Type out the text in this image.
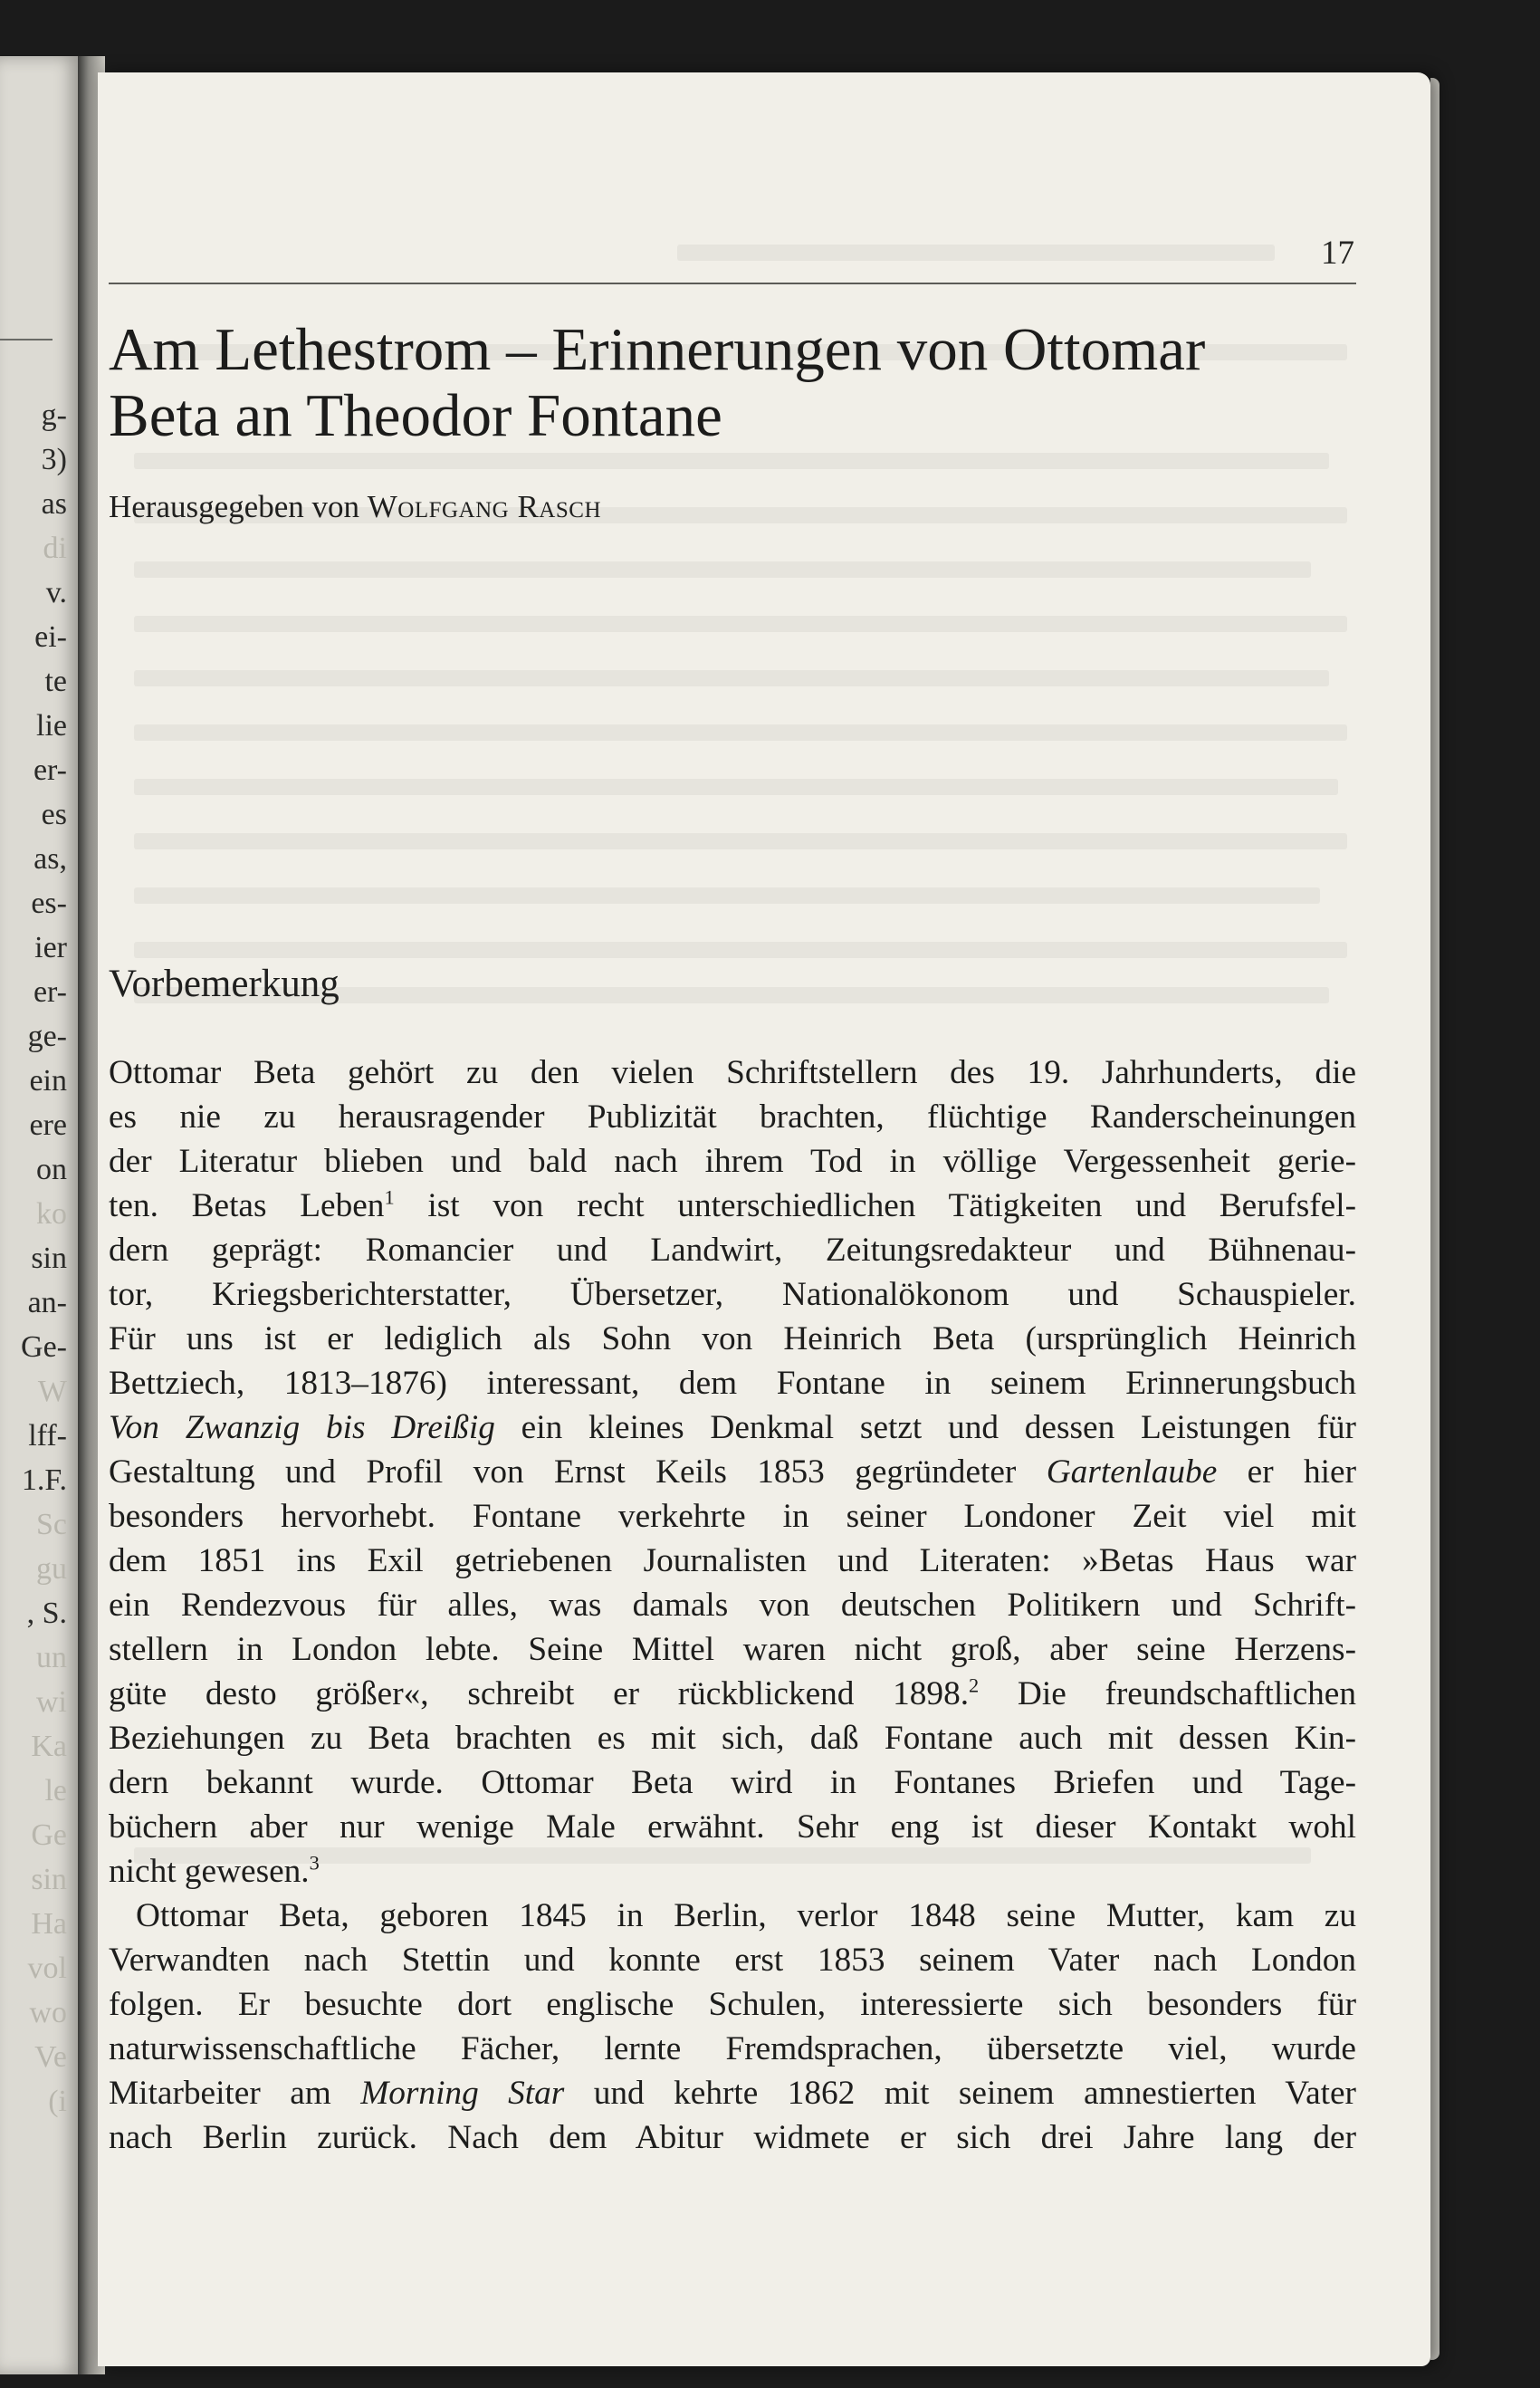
g-
3)
as
di
v.
ei-
te
lie
er-
es
as,
es-
ier
er-
ge-
ein
ere
on
ko
sin
an-
Ge-
W
lff-
1.F.
Sc
gu
, S.
un
wi
Ka
le
Ge
sin
Ha
vol
wo
Ve
(i
17
Am Lethestrom – Erinnerungen von Ottomar
Beta an Theodor Fontane
Herausgegeben von Wolfgang Rasch
Vorbemerkung
Ottomar Beta gehört zu den vielen Schriftstellern des 19. Jahrhunderts, die
es nie zu herausragender Publizität brachten, flüchtige Randerscheinungen
der Literatur blieben und bald nach ihrem Tod in völlige Vergessenheit gerie-
ten. Betas Leben$^1$ ist von recht unterschiedlichen Tätigkeiten und Berufsfel-
dern geprägt: Romancier und Landwirt, Zeitungsredakteur und Bühnenau-
tor, Kriegsberichterstatter, Übersetzer, Nationalökonom und Schauspieler.
Für uns ist er lediglich als Sohn von Heinrich Beta (ursprünglich Heinrich
Bettziech, 1813–1876) interessant, dem Fontane in seinem Erinnerungsbuch
Von Zwanzig bis Dreißig ein kleines Denkmal setzt und dessen Leistungen für
Gestaltung und Profil von Ernst Keils 1853 gegründeter Gartenlaube er hier
besonders hervorhebt. Fontane verkehrte in seiner Londoner Zeit viel mit
dem 1851 ins Exil getriebenen Journalisten und Literaten: »Betas Haus war
ein Rendezvous für alles, was damals von deutschen Politikern und Schrift-
stellern in London lebte. Seine Mittel waren nicht groß, aber seine Herzens-
güte desto größer«, schreibt er rückblickend 1898.$^2$ Die freundschaftlichen
Beziehungen zu Beta brachten es mit sich, daß Fontane auch mit dessen Kin-
dern bekannt wurde. Ottomar Beta wird in Fontanes Briefen und Tage-
büchern aber nur wenige Male erwähnt. Sehr eng ist dieser Kontakt wohl
nicht gewesen.$^3$
Ottomar Beta, geboren 1845 in Berlin, verlor 1848 seine Mutter, kam zu
Verwandten nach Stettin und konnte erst 1853 seinem Vater nach London
folgen. Er besuchte dort englische Schulen, interessierte sich besonders für
naturwissenschaftliche Fächer, lernte Fremdsprachen, übersetzte viel, wurde
Mitarbeiter am Morning Star und kehrte 1862 mit seinem amnestierten Vater
nach Berlin zurück. Nach dem Abitur widmete er sich drei Jahre lang der
